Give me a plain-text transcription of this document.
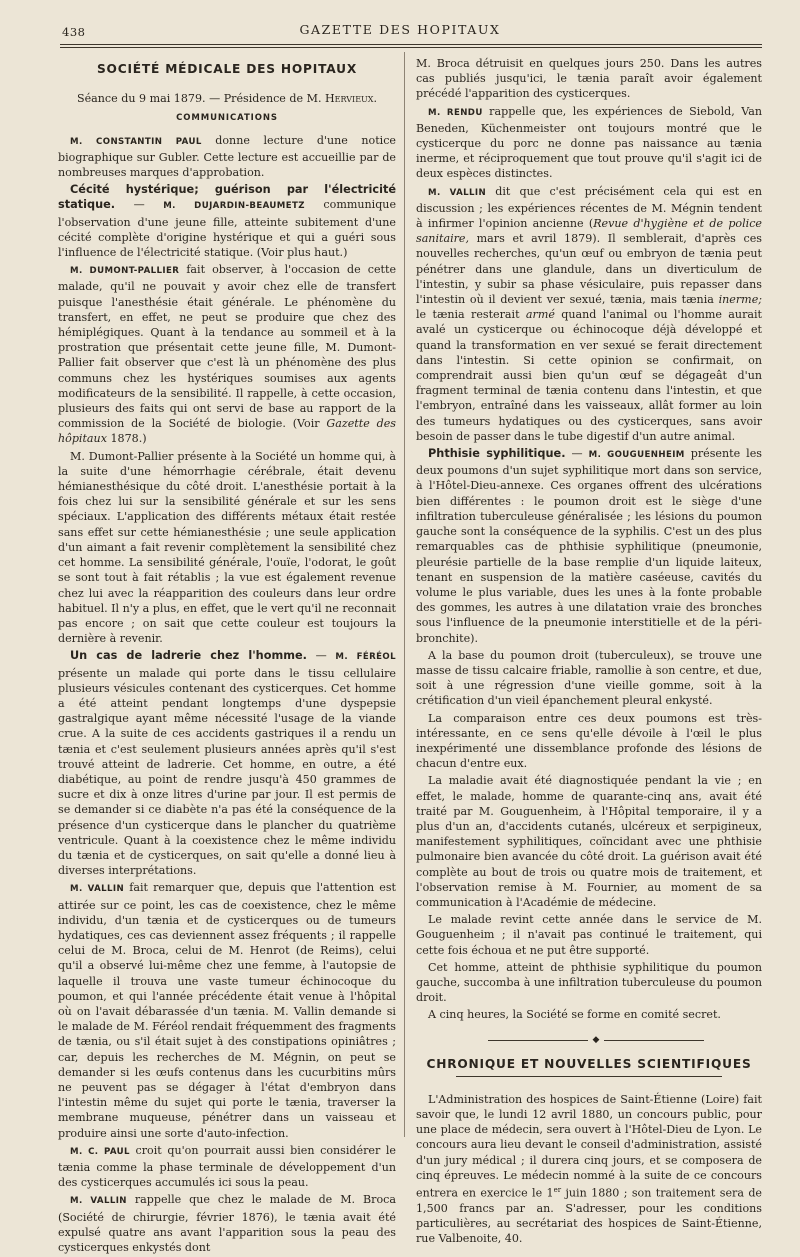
438	GAZETTE DES HOPITAUX
SOCIÉTÉ MÉDICALE DES HOPITAUX
Séance du 9 mai 1879. — Présidence de M. Hervieux.
COMMUNICATIONS

M. CONSTANTIN PAUL donne lecture d'une notice biographique sur Gubler. Cette lecture est accueillie par de nombreuses marques d'approbation.

Cécité hystérique; guérison par l'électricité statique. — M. DUJARDIN-BEAUMETZ communique l'observation d'une jeune fille, atteinte subitement d'une cécité complète d'origine hystérique et qui a guéri sous l'influence de l'électricité statique. (Voir plus haut.)

M. DUMONT-PALLIER fait observer, à l'occasion de cette malade, qu'il ne pouvait y avoir chez elle de transfert puisque l'anesthésie était générale. Le phénomène du transfert, en effet, ne peut se produire que chez des hémiplégiques. Quant à la tendance au sommeil et à la prostration que présentait cette jeune fille, M. Dumont-Pallier fait observer que c'est là un phénomène des plus communs chez les hystériques soumises aux agents modificateurs de la sensibilité. Il rappelle, à cette occasion, plusieurs des faits qui ont servi de base au rapport de la commission de la Société de biologie. (Voir Gazette des hôpitaux 1878.)

M. Dumont-Pallier présente à la Société un homme qui, à la suite d'une hémorrhagie cérébrale, était devenu hémianesthésique du côté droit. L'anesthésie portait à la fois chez lui sur la sensibilité générale et sur les sens spéciaux. L'application des différents métaux était restée sans effet sur cette hémianesthésie ; une seule application d'un aimant a fait revenir complètement la sensibilité chez cet homme. La sensibilité générale, l'ouïe, l'odorat, le goût se sont tout à fait rétablis ; la vue est également revenue chez lui avec la réapparition des couleurs dans leur ordre habituel. Il n'y a plus, en effet, que le vert qu'il ne reconnait pas encore ; on sait que cette couleur est toujours la dernière à revenir.

Un cas de ladrerie chez l'homme. — M. FÉRÉOL présente un malade qui porte dans le tissu cellulaire plusieurs vésicules contenant des cysticerques. Cet homme a été atteint pendant longtemps d'une dyspepsie gastralgique ayant même nécessité l'usage de la viande crue. A la suite de ces accidents gastriques il a rendu un tænia et c'est seulement plusieurs années après qu'il s'est trouvé atteint de ladrerie. Cet homme, en outre, a été diabétique, au point de rendre jusqu'à 450 grammes de sucre et dix à onze litres d'urine par jour. Il est permis de se demander si ce diabète n'a pas été la conséquence de la présence d'un cysticerque dans le plancher du quatrième ventricule. Quant à la coexistence chez le même individu du tænia et de cysticerques, on sait qu'elle a donné lieu à diverses interprétations.

M. VALLIN fait remarquer que, depuis que l'attention est attirée sur ce point, les cas de coexistence, chez le même individu, d'un tænia et de cysticerques ou de tumeurs hydatiques, ces cas deviennent assez fréquents ; il rappelle celui de M. Broca, celui de M. Henrot (de Reims), celui qu'il a observé lui-même chez une femme, à l'autopsie de laquelle il trouva une vaste tumeur échinocoque du poumon, et qui l'année précédente était venue à l'hôpital où on l'avait débarassée d'un tænia. M. Vallin demande si le malade de M. Féréol rendait fréquemment des fragments de tænia, ou s'il était sujet à des constipations opiniâtres ; car, depuis les recherches de M. Mégnin, on peut se demander si les œufs contenus dans les cucurbitins mûrs ne peuvent pas se dégager à l'état d'embryon dans l'intestin même du sujet qui porte le tænia, traverser la membrane muqueuse, pénétrer dans un vaisseau et produire ainsi une sorte d'auto-infection.

M. C. PAUL croit qu'on pourrait aussi bien considérer le tænia comme la phase terminale de développement d'un des cysticerques accumulés ici sous la peau.

M. VALLIN rappelle que chez le malade de M. Broca (Société de chirurgie, février 1876), le tænia avait été expulsé quatre ans avant l'apparition sous la peau des cysticerques enkystés dont

M. Broca détruisit en quelques jours 250. Dans les autres cas publiés jusqu'ici, le tænia paraît avoir également précédé l'apparition des cysticerques.

M. RENDU rappelle que, les expériences de Siebold, Van Beneden, Küchenmeister ont toujours montré que le cysticerque du porc ne donne pas naissance au tænia inerme, et réciproquement que tout prouve qu'il s'agit ici de deux espèces distinctes.

M. VALLIN dit que c'est précisément cela qui est en discussion ; les expériences récentes de M. Mégnin tendent à infirmer l'opinion ancienne (Revue d'hygiène et de police sanitaire, mars et avril 1879). Il semblerait, d'après ces nouvelles recherches, qu'un œuf ou embryon de tænia peut pénétrer dans une glandule, dans un diverticulum de l'intestin, y subir sa phase vésiculaire, puis repasser dans l'intestin où il devient ver sexué, tænia, mais tænia inerme; le tænia resterait armé quand l'animal ou l'homme aurait avalé un cysticerque ou échinocoque déjà développé et quand la transformation en ver sexué se ferait directement dans l'intestin. Si cette opinion se confirmait, on comprendrait aussi bien qu'un œuf se dégageât d'un fragment terminal de tænia contenu dans l'intestin, et que l'embryon, entraîné dans les vaisseaux, allât former au loin des tumeurs hydatiques ou des cysticerques, sans avoir besoin de passer dans le tube digestif d'un autre animal.

Phthisie syphilitique. — M. GOUGUENHEIM présente les deux poumons d'un sujet syphilitique mort dans son service, à l'Hôtel-Dieu-annexe. Ces organes offrent des ulcérations bien différentes : le poumon droit est le siège d'une infiltration tuberculeuse généralisée ; les lésions du poumon gauche sont la conséquence de la syphilis. C'est un des plus remarquables cas de phthisie syphilitique (pneumonie, pleurésie partielle de la base remplie d'un liquide laiteux, tenant en suspension de la matière caséeuse, cavités du volume le plus variable, dues les unes à la fonte probable des gommes, les autres à une dilatation vraie des bronches sous l'influence de la pneumonie interstitielle et de la péri-bronchite).

A la base du poumon droit (tuberculeux), se trouve une masse de tissu calcaire friable, ramollie à son centre, et due, soit à une régression d'une vieille gomme, soit à la crétification d'un vieil épanchement pleural enkysté.

La comparaison entre ces deux poumons est très-intéressante, en ce sens qu'elle dévoile à l'œil le plus inexpérimenté une dissemblance profonde des lésions de chacun d'entre eux.

La maladie avait été diagnostiquée pendant la vie ; en effet, le malade, homme de quarante-cinq ans, avait été traité par M. Gouguenheim, à l'Hôpital temporaire, il y a plus d'un an, d'accidents cutanés, ulcéreux et serpigineux, manifestement syphilitiques, coïncidant avec une phthisie pulmonaire bien avancée du côté droit. La guérison avait été complète au bout de trois ou quatre mois de traitement, et l'observation remise à M. Fournier, au moment de sa communication à l'Académie de médecine.

Le malade revint cette année dans le service de M. Gouguenheim ; il n'avait pas continué le traitement, qui cette fois échoua et ne put être supporté.

Cet homme, atteint de phthisie syphilitique du poumon gauche, succomba à une infiltration tuberculeuse du poumon droit.

A cinq heures, la Société se forme en comité secret.

◆
CHRONIQUE ET NOUVELLES SCIENTIFIQUES

L'Administration des hospices de Saint-Étienne (Loire) fait savoir que, le lundi 12 avril 1880, un concours public, pour une place de médecin, sera ouvert à l'Hôtel-Dieu de Lyon. Le concours aura lieu devant le conseil d'administration, assisté d'un jury médical ; il durera cinq jours, et se composera de cinq épreuves. Le médecin nommé à la suite de ce concours entrera en exercice le 1er juin 1880 ; son traitement sera de 1,500 francs par an. S'adresser, pour les conditions particulières, au secrétariat des hospices de Saint-Étienne, rue Valbenoite, 40.
